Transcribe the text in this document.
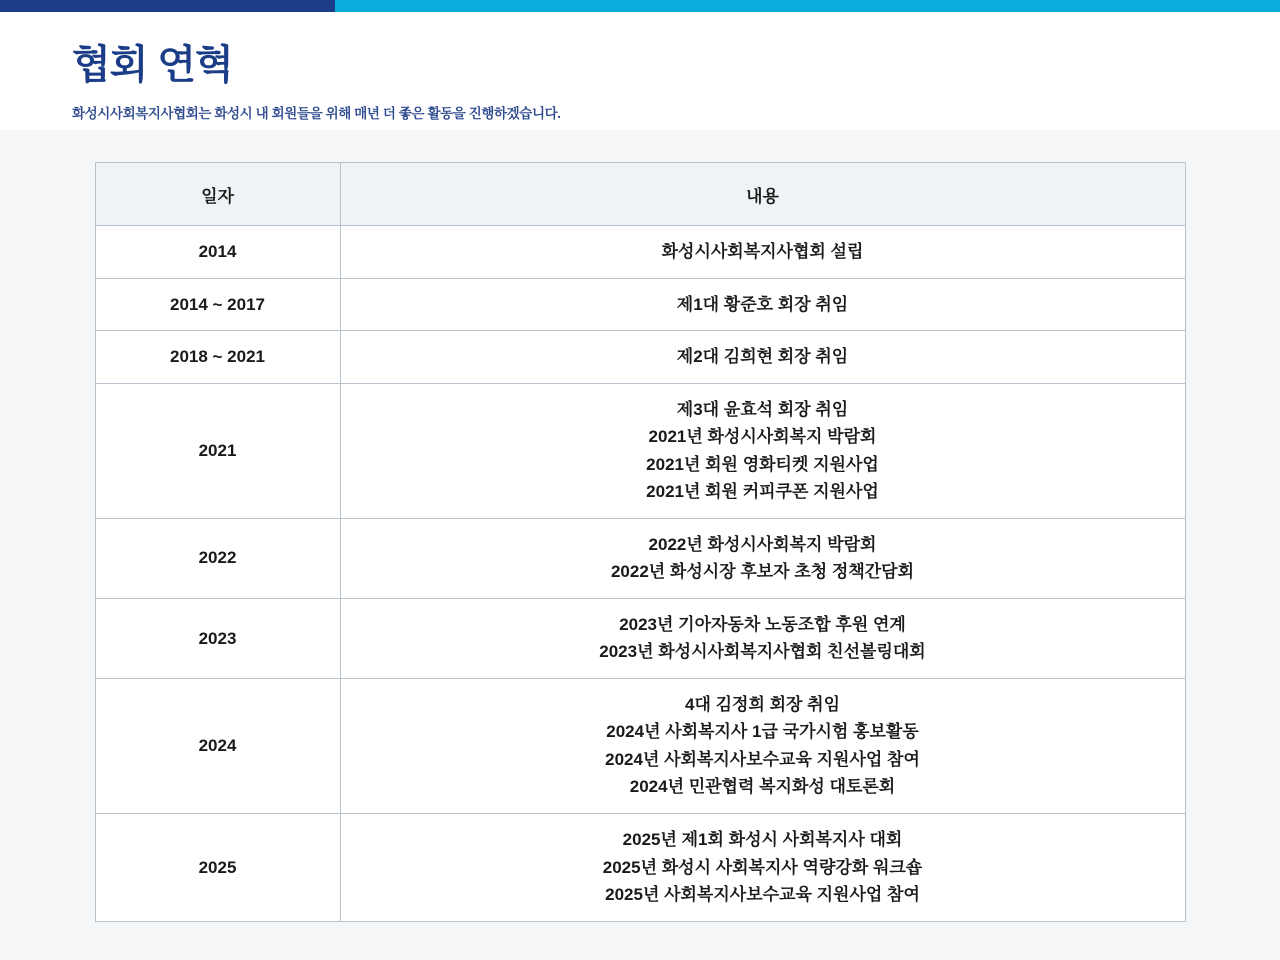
협회 연혁

화성시사회복지사협회는 화성시 내 회원들을 위해 매년 더 좋은 활동을 진행하겠습니다.

일자	내용
2014	화성시사회복지사협회 설립

2014 ~ 2017	제1대 황준호 회장 취임

2018 ~ 2021	제2대 김희현 회장 취임

2021	제3대 윤효석 회장 취임
2021년 화성시사회복지 박람회
2021년 회원 영화티켓 지원사업
2021년 회원 커피쿠폰 지원사업

2022	2022년 화성시사회복지 박람회
2022년 화성시장 후보자 초청 정책간담회

2023	2023년 기아자동차 노동조합 후원 연계
2023년 화성시사회복지사협회 친선볼링대회

2024	4대 김정희 회장 취임
2024년 사회복지사 1급 국가시험 홍보활동
2024년 사회복지사보수교육 지원사업 참여
2024년 민관협력 복지화성 대토론회

2025	2025년 제1회 화성시 사회복지사 대회
2025년 화성시 사회복지사 역량강화 워크숍
2025년 사회복지사보수교육 지원사업 참여
